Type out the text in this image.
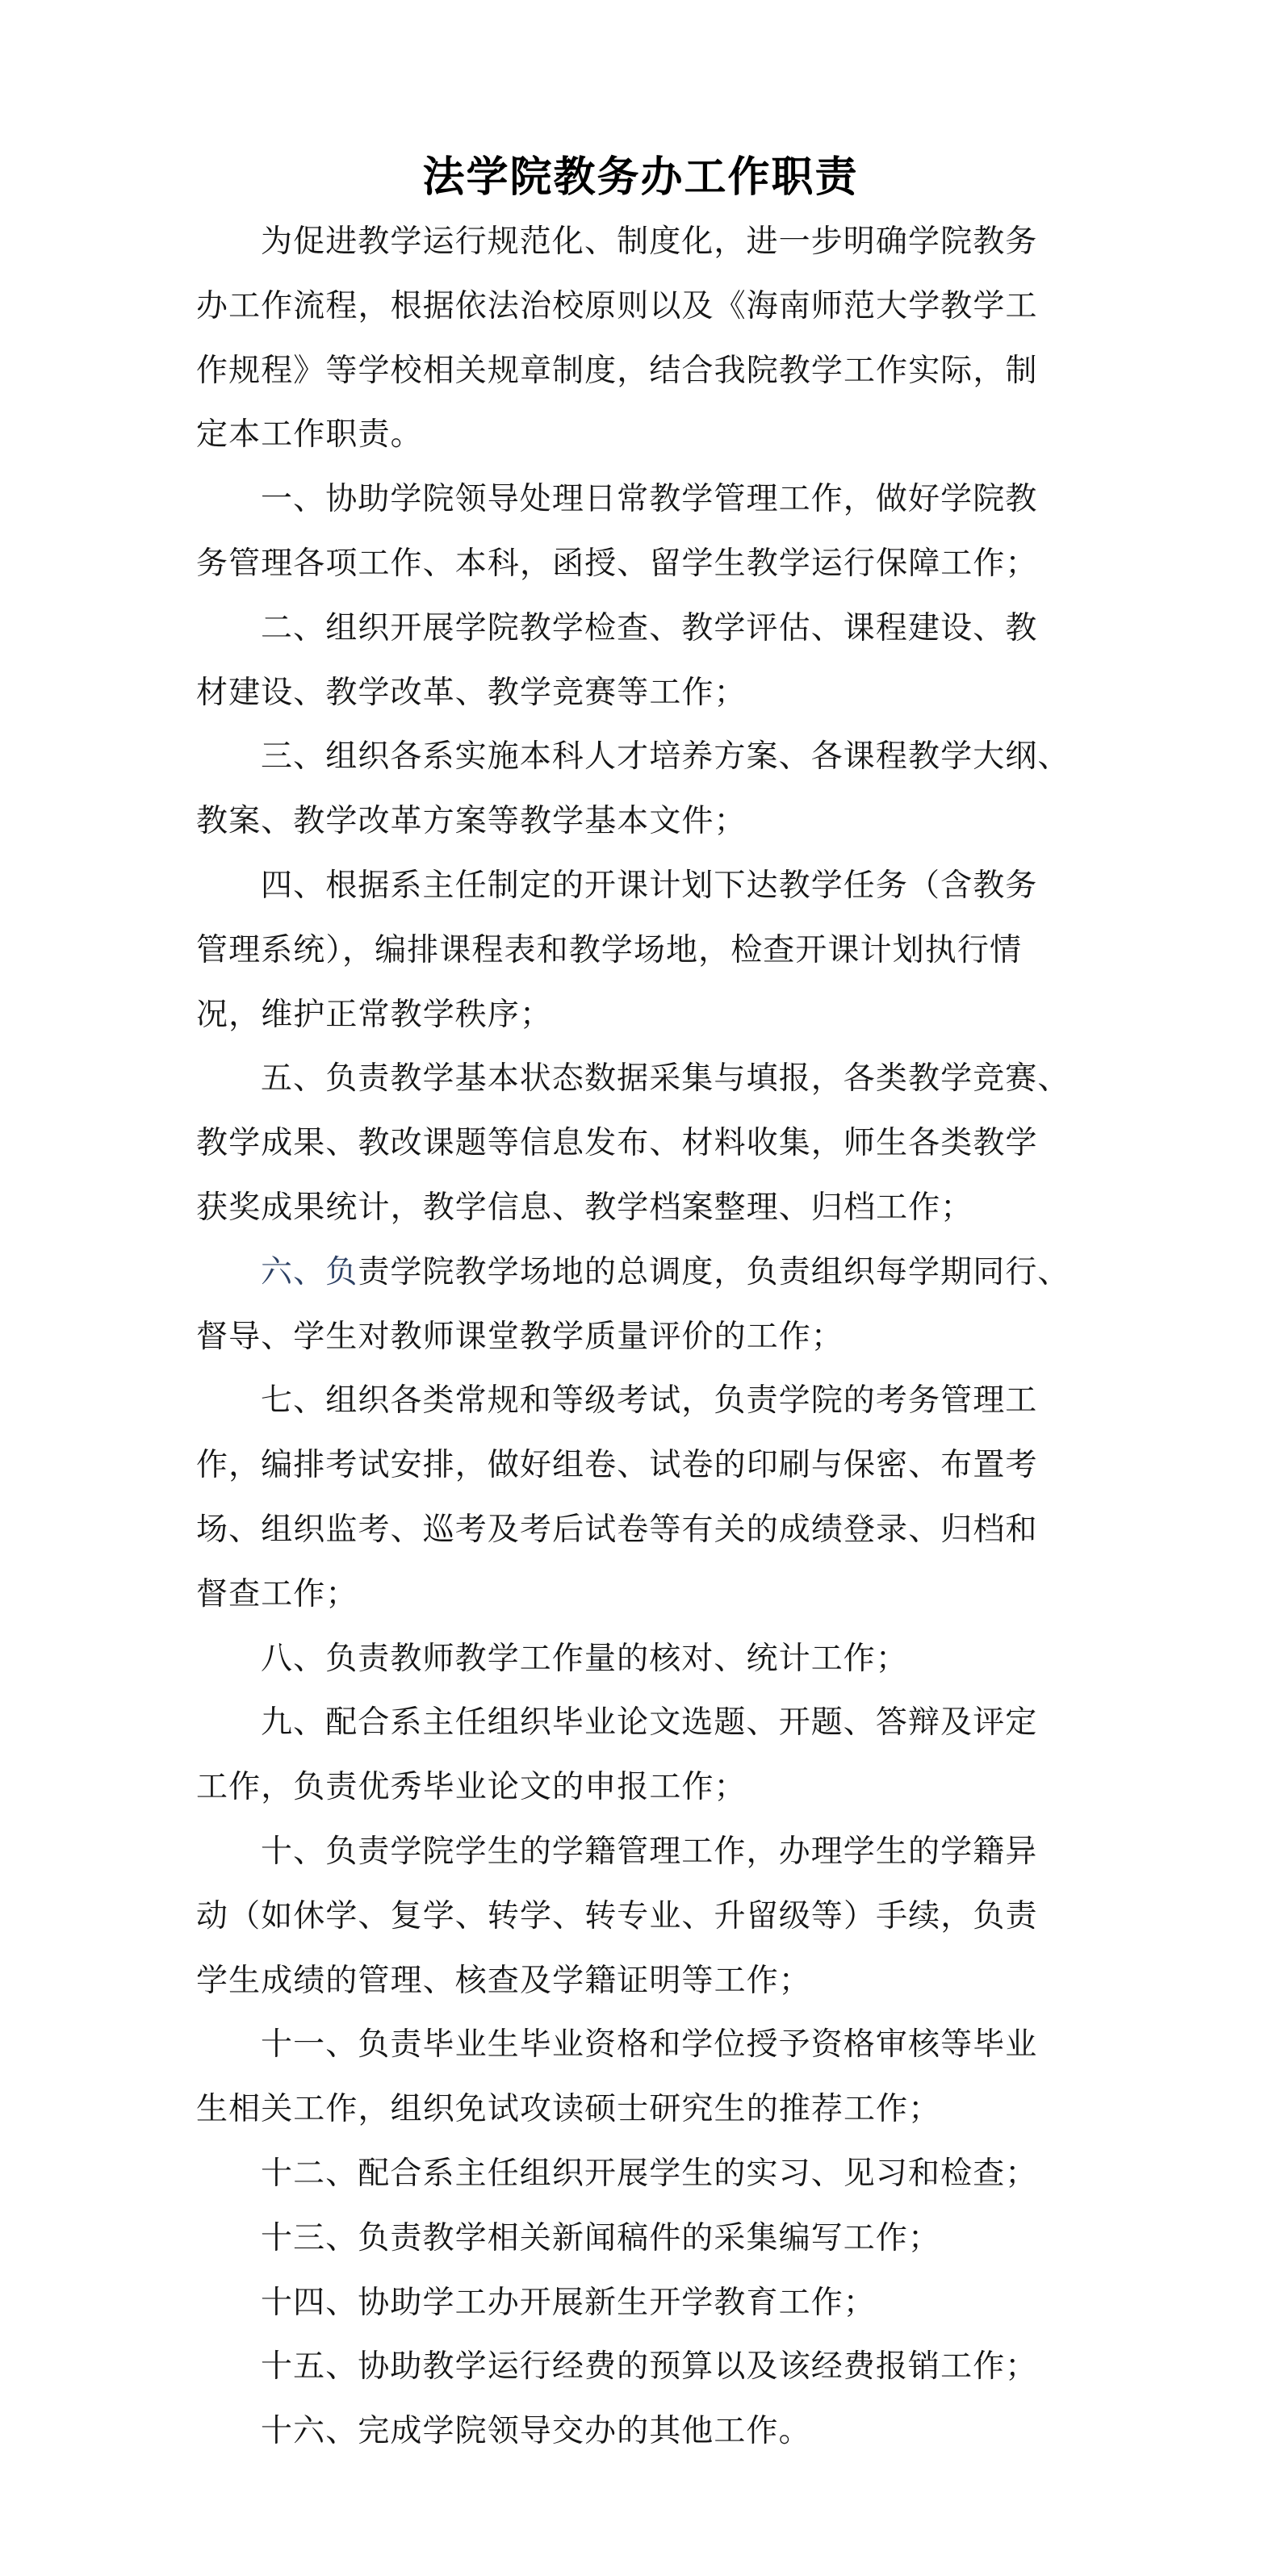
法学院教务办工作职责
为促进教学运行规范化、制度化，进一步明确学院教务
办工作流程，根据依法治校原则以及《海南师范大学教学工
作规程》等学校相关规章制度，结合我院教学工作实际，制
定本工作职责。
一、协助学院领导处理日常教学管理工作，做好学院教
务管理各项工作、本科，函授、留学生教学运行保障工作；
二、组织开展学院教学检查、教学评估、课程建设、教
材建设、教学改革、教学竞赛等工作；
三、组织各系实施本科人才培养方案、各课程教学大纲、
教案、教学改革方案等教学基本文件；
四、根据系主任制定的开课计划下达教学任务（含教务
管理系统），编排课程表和教学场地，检查开课计划执行情
况，维护正常教学秩序；
五、负责教学基本状态数据采集与填报，各类教学竞赛、
教学成果、教改课题等信息发布、材料收集，师生各类教学
获奖成果统计，教学信息、教学档案整理、归档工作；
六、负责学院教学场地的总调度，负责组织每学期同行、
督导、学生对教师课堂教学质量评价的工作；
七、组织各类常规和等级考试，负责学院的考务管理工
作，编排考试安排，做好组卷、试卷的印刷与保密、布置考
场、组织监考、巡考及考后试卷等有关的成绩登录、归档和
督查工作；
八、负责教师教学工作量的核对、统计工作；
九、配合系主任组织毕业论文选题、开题、答辩及评定
工作，负责优秀毕业论文的申报工作；
十、负责学院学生的学籍管理工作，办理学生的学籍异
动（如休学、复学、转学、转专业、升留级等）手续，负责
学生成绩的管理、核查及学籍证明等工作；
十一、负责毕业生毕业资格和学位授予资格审核等毕业
生相关工作，组织免试攻读硕士研究生的推荐工作；
十二、配合系主任组织开展学生的实习、见习和检查；
十三、负责教学相关新闻稿件的采集编写工作；
十四、协助学工办开展新生开学教育工作；
十五、协助教学运行经费的预算以及该经费报销工作；
十六、完成学院领导交办的其他工作。
